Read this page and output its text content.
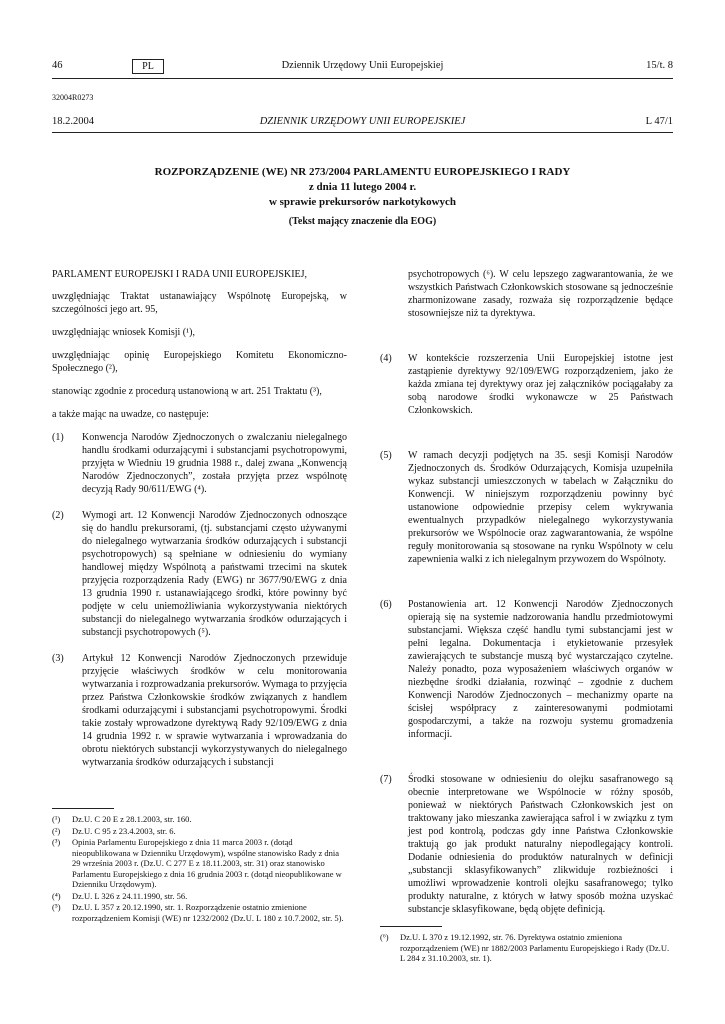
46	PL	Dziennik Urzędowy Unii Europejskiej	15/t. 8
32004R0273
18.2.2004	DZIENNIK URZĘDOWY UNII EUROPEJSKIEJ	L 47/1
ROZPORZĄDZENIE (WE) NR 273/2004 PARLAMENTU EUROPEJSKIEGO I RADY
z dnia 11 lutego 2004 r.
w sprawie prekursorów narkotykowych
(Tekst mający znaczenie dla EOG)

PARLAMENT EUROPEJSKI I RADA UNII EUROPEJSKIEJ,

uwzględniając Traktat ustanawiający Wspólnotę Europejską, w szczególności jego art. 95,

uwzględniając wniosek Komisji (¹),

uwzględniając opinię Europejskiego Komitetu Ekonomiczno-Społecznego (²),

stanowiąc zgodnie z procedurą ustanowioną w art. 251 Traktatu (³),

a także mając na uwadze, co następuje:

(1) Konwencja Narodów Zjednoczonych o zwalczaniu nielegalnego handlu środkami odurzającymi i substancjami psychotropowymi, przyjęta w Wiedniu 19 grudnia 1988 r., dalej zwana „Konwencją Narodów Zjednoczonych”, została przyjęta przez wspólnotę decyzją Rady 90/611/EWG (⁴).
(2) Wymogi art. 12 Konwencji Narodów Zjednoczonych odnoszące się do handlu prekursorami, (tj. substancjami często używanymi do nielegalnego wytwarzania środków odurzających i substancji psychotropowych) są spełniane w odniesieniu do wymiany handlowej między Wspólnotą a państwami trzecimi na skutek przyjęcia rozporządzenia Rady (EWG) nr 3677/90/EWG z dnia 13 grudnia 1990 r. ustanawiającego środki, które powinny być podjęte w celu uniemożliwiania wykorzystywania niektórych substancji do nielegalnego wytwarzania środków odurzających i substancji psychotropowych (⁵).
(3) Artykuł 12 Konwencji Narodów Zjednoczonych przewiduje przyjęcie właściwych środków w celu monitorowania wytwarzania i rozprowadzania prekursorów. Wymaga to przyjęcia przez Państwa Członkowskie środków związanych z handlem środkami odurzającymi i substancjami psychotropowymi. Środki takie zostały wprowadzone dyrektywą Rady 92/109/EWG z dnia 14 grudnia 1992 r. w sprawie wytwarzania i wprowadzania do obrotu niektórych substancji wykorzystywanych do nielegalnego wytwarzania środków odurzających i substancji
(¹) Dz.U. C 20 E z 28.1.2003, str. 160.
(²) Dz.U. C 95 z 23.4.2003, str. 6.
(³) Opinia Parlamentu Europejskiego z dnia 11 marca 2003 r. (dotąd nieopublikowana w Dzienniku Urzędowym), wspólne stanowisko Rady z dnia 29 września 2003 r. (Dz.U. C 277 E z 18.11.2003, str. 31) oraz stanowisko Parlamentu Europejskiego z dnia 16 grudnia 2003 r. (dotąd nieopublikowane w Dzienniku Urzędowym).
(⁴) Dz.U. L 326 z 24.11.1990, str. 56.
(⁵) Dz.U. L 357 z 20.12.1990, str. 1. Rozporządzenie ostatnio zmienione rozporządzeniem Komisji (WE) nr 1232/2002 (Dz.U. L 180 z 10.7.2002, str. 5).
psychotropowych (⁶). W celu lepszego zagwarantowania, że we wszystkich Państwach Członkowskich stosowane są jednocześnie zharmonizowane zasady, rozważa się rozporządzenie będące stosowniejsze niż ta dyrektywa.
(4) W kontekście rozszerzenia Unii Europejskiej istotne jest zastąpienie dyrektywy 92/109/EWG rozporządzeniem, jako że każda zmiana tej dyrektywy oraz jej załączników pociągałaby za sobą narodowe środki wykonawcze w 25 Państwach Członkowskich.
(5) W ramach decyzji podjętych na 35. sesji Komisji Narodów Zjednoczonych ds. Środków Odurzających, Komisja uzupełniła wykaz substancji umieszczonych w tabelach w Załączniku do Konwencji. W niniejszym rozporządzeniu powinny być ustanowione odpowiednie przepisy celem wykrywania ewentualnych przypadków nielegalnego wykorzystywania prekursorów we Wspólnocie oraz zagwarantowania, że wspólne reguły monitorowania są stosowane na rynku Wspólnoty w celu zapewnienia walki z ich nielegalnym przywozem do Wspólnoty.
(6) Postanowienia art. 12 Konwencji Narodów Zjednoczonych opierają się na systemie nadzorowania handlu przedmiotowymi substancjami. Większa część handlu tymi substancjami jest w pełni legalna. Dokumentacja i etykietowanie przesyłek zawierających te substancje muszą być wystarczająco czytelne. Należy ponadto, poza wyposażeniem właściwych organów w niezbędne środki działania, rozwinąć – zgodnie z duchem Konwencji Narodów Zjednoczonych – mechanizmy oparte na ścisłej współpracy z zainteresowanymi podmiotami gospodarczymi, a także na rozwoju systemu gromadzenia informacji.
(7) Środki stosowane w odniesieniu do olejku sasafranowego są obecnie interpretowane we Wspólnocie w różny sposób, ponieważ w niektórych Państwach Członkowskich jest on traktowany jako mieszanka zawierająca safrol i w związku z tym jest pod kontrolą, podczas gdy inne Państwa Członkowskie traktują go jak produkt naturalny niepodlegający kontroli. Dodanie odniesienia do produktów naturalnych w definicji „substancji sklasyfikowanych” zlikwiduje rozbieżności i umożliwi wprowadzenie kontroli olejku sasafranowego; tylko produkty naturalne, z których w łatwy sposób można uzyskać substancje sklasyfikowane, będą objęte definicją.
(⁶) Dz.U. L 370 z 19.12.1992, str. 76. Dyrektywa ostatnio zmieniona rozporządzeniem (WE) nr 1882/2003 Parlamentu Europejskiego i Rady (Dz.U. L 284 z 31.10.2003, str. 1).
